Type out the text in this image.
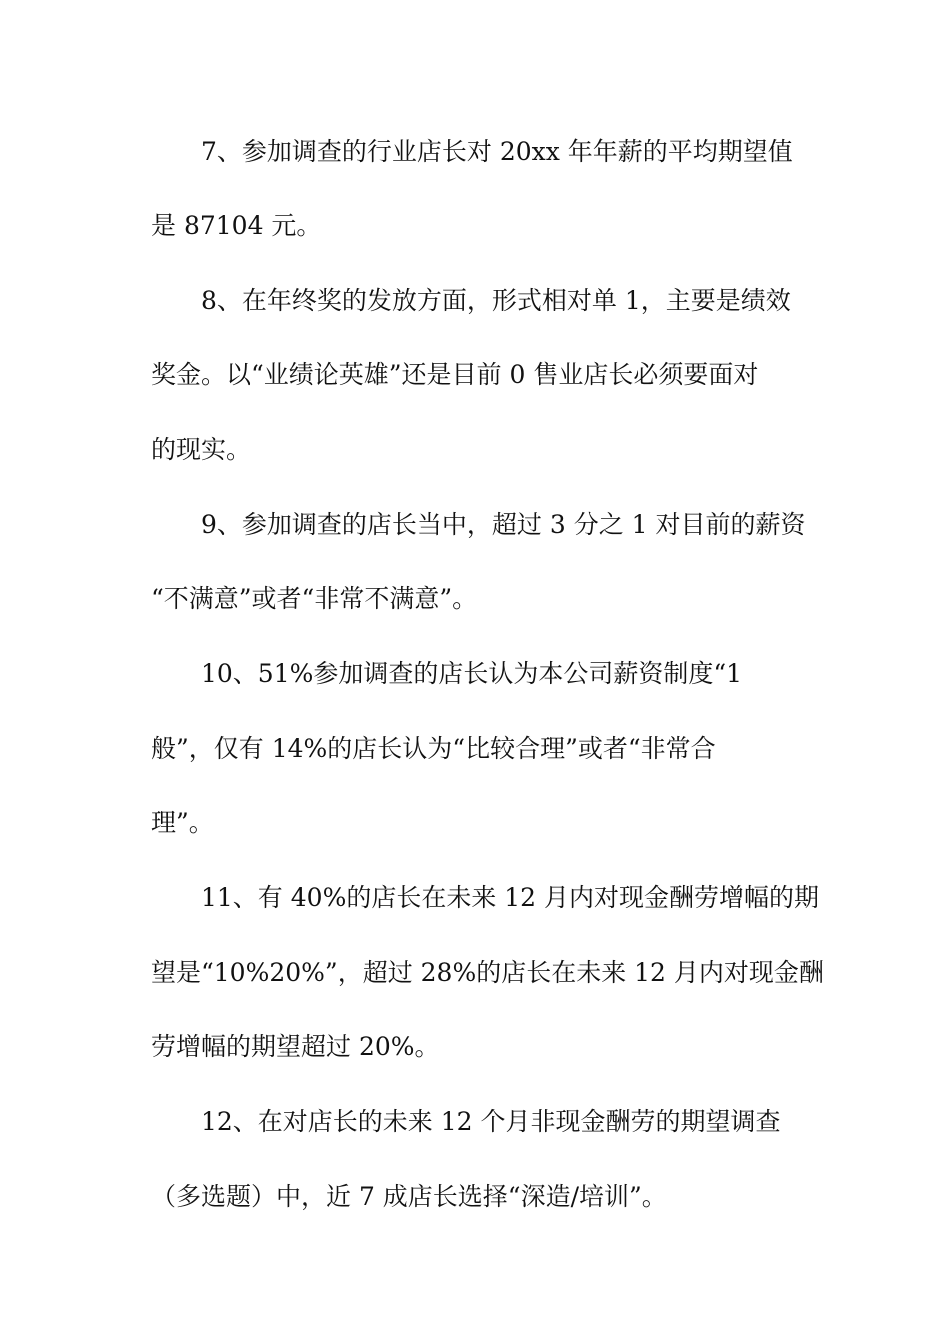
7、参加调查的行业店长对 20xx 年年薪的平均期望值
是 87104 元。
8、在年终奖的发放方面，形式相对单 1，主要是绩效
奖金。以“业绩论英雄”还是目前 0 售业店长必须要面对
的现实。
9、参加调查的店长当中，超过 3 分之 1 对目前的薪资
“不满意”或者“非常不满意”。
10、51%参加调查的店长认为本公司薪资制度“1
般”，仅有 14%的店长认为“比较合理”或者“非常合
理”。
11、有 40%的店长在未来 12 月内对现金酬劳增幅的期
望是“10%20%”，超过 28%的店长在未来 12 月内对现金酬
劳增幅的期望超过 20%。
12、在对店长的未来 12 个月非现金酬劳的期望调查
（多选题）中，近 7 成店长选择“深造/培训”。
